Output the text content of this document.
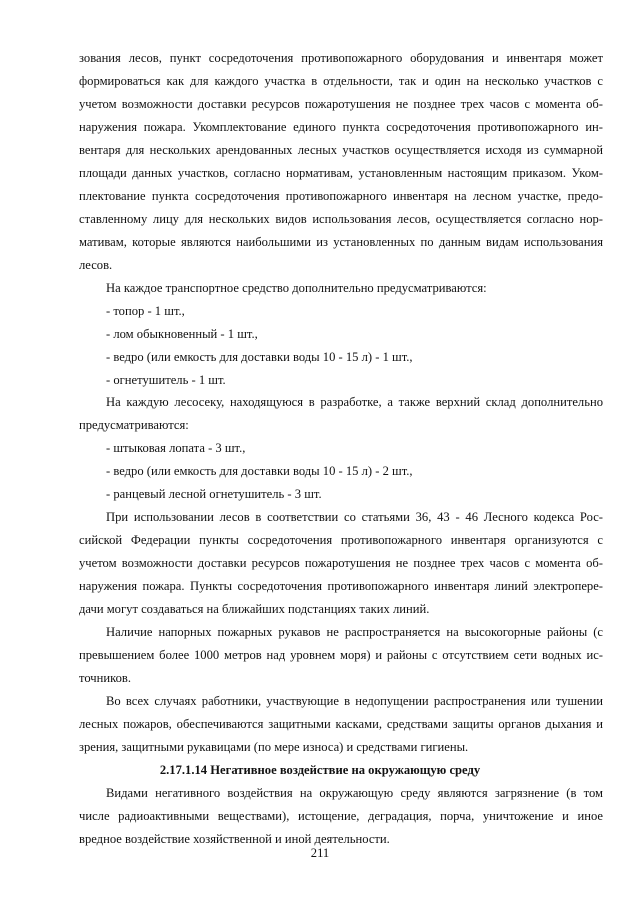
зования лесов, пункт сосредоточения противопожарного оборудования и инвентаря может
формироваться как для каждого участка в отдельности, так и один на несколько участков с
учетом возможности доставки ресурсов пожаротушения не позднее трех часов с момента об-
наружения пожара. Укомплектование единого пункта сосредоточения противопожарного ин-
вентаря для нескольких арендованных лесных участков осуществляется исходя из суммарной
площади данных участков, согласно нормативам, установленным настоящим приказом. Уком-
плектование пункта сосредоточения противопожарного инвентаря на лесном участке, предо-
ставленному лицу для нескольких видов использования лесов, осуществляется согласно нор-
мативам, которые являются наибольшими из установленных по данным видам использования
лесов.
На каждое транспортное средство дополнительно предусматриваются:
- топор - 1 шт.,
- лом обыкновенный - 1 шт.,
- ведро (или емкость для доставки воды 10 - 15 л) - 1 шт.,
- огнетушитель - 1 шт.
На каждую лесосеку, находящуюся в разработке, а также верхний склад дополнительно
предусматриваются:
- штыковая лопата - 3 шт.,
- ведро (или емкость для доставки воды 10 - 15 л) - 2 шт.,
- ранцевый лесной огнетушитель - 3 шт.
При использовании лесов в соответствии со статьями 36, 43 - 46 Лесного кодекса Рос-
сийской Федерации пункты сосредоточения противопожарного инвентаря организуются с
учетом возможности доставки ресурсов пожаротушения не позднее трех часов с момента об-
наружения пожара. Пункты сосредоточения противопожарного инвентаря линий электропере-
дачи могут создаваться на ближайших подстанциях таких линий.
Наличие напорных пожарных рукавов не распространяется на высокогорные районы (с
превышением более 1000 метров над уровнем моря) и районы с отсутствием сети водных ис-
точников.
Во всех случаях работники, участвующие в недопущении распространения или тушении
лесных пожаров, обеспечиваются защитными касками, средствами защиты органов дыхания и
зрения, защитными рукавицами (по мере износа) и средствами гигиены.
2.17.1.14 Негативное воздействие на окружающую среду
Видами негативного воздействия на окружающую среду являются загрязнение (в том
числе радиоактивными веществами), истощение, деградация, порча, уничтожение и иное
вредное воздействие хозяйственной и иной деятельности.
211
